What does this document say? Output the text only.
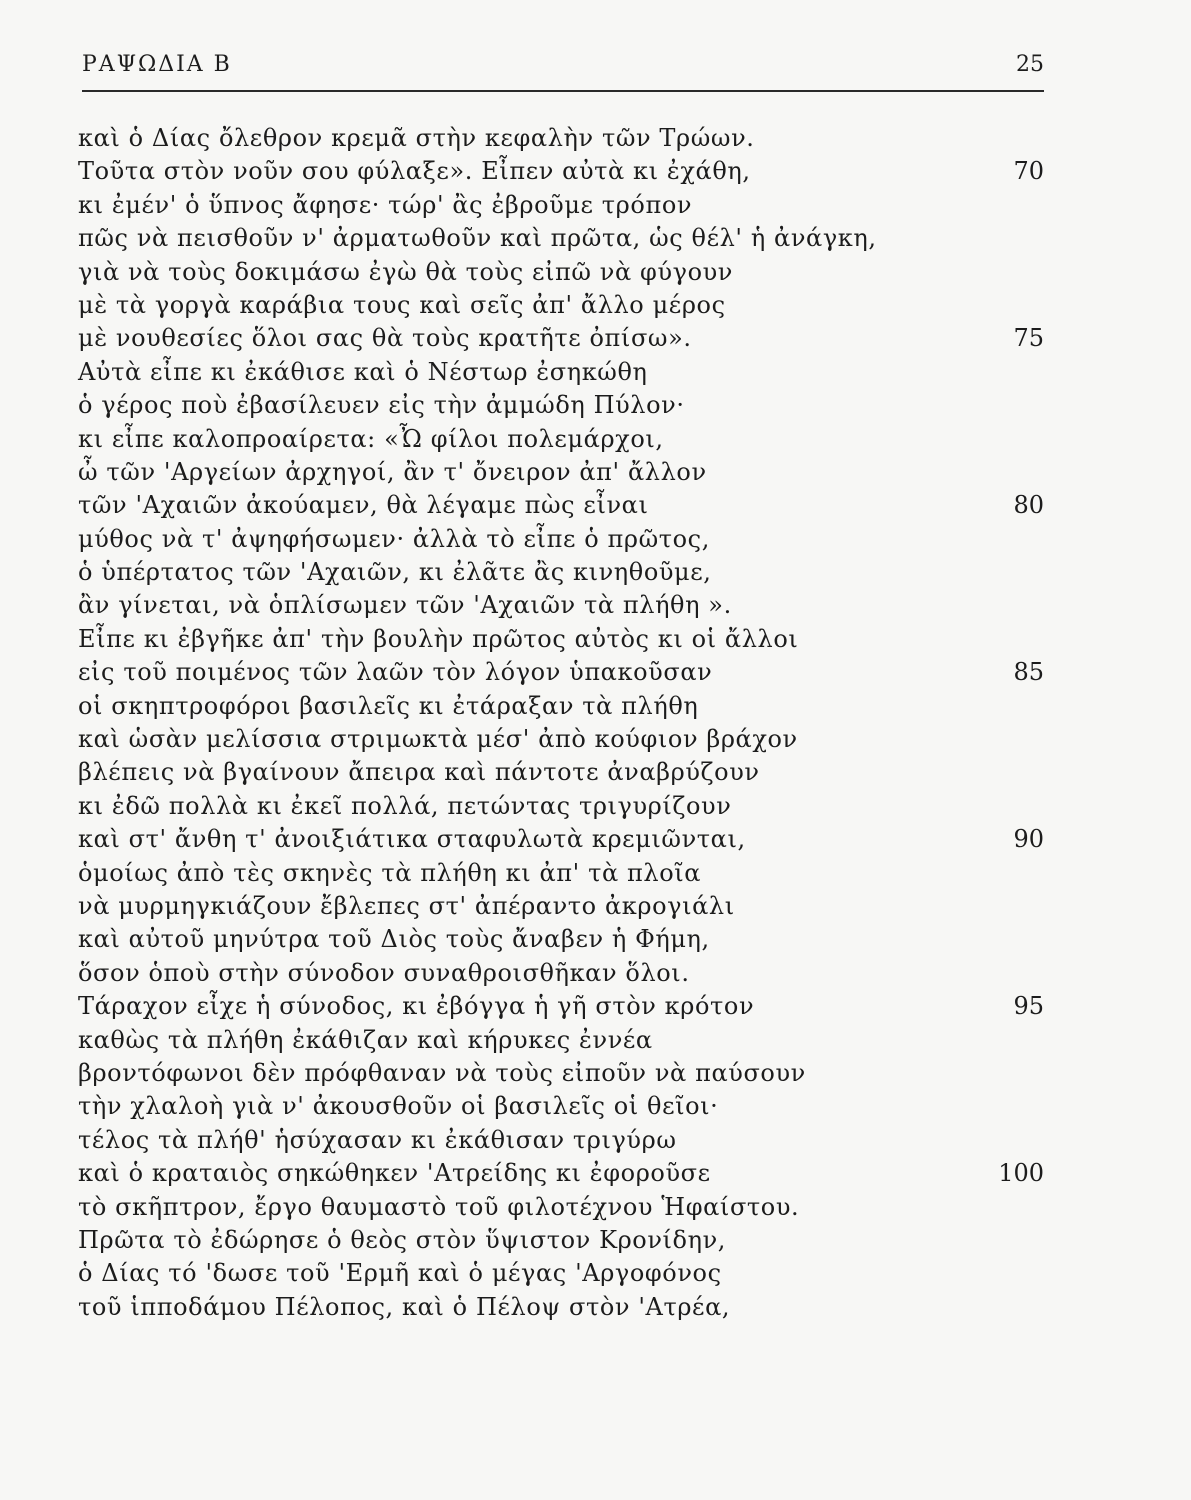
ΡΑΨΩΔΙΑ Β	25
καὶ ὁ Δίας ὄλεθρον κρεμᾶ στὴν κεφαλὴν τῶν Τρώων.
Τοῦτα στὸν νοῦν σου φύλαξε». Εἶπεν αὐτὰ κι ἐχάθη,	70
κι ἐμέν' ὁ ὕπνος ἄφησε· τώρ' ἂς ἐβροῦμε τρόπον
πῶς νὰ πεισθοῦν ν' ἀρματωθοῦν καὶ πρῶτα, ὡς θέλ' ἡ ἀνάγκη,
γιὰ νὰ τοὺς δοκιμάσω ἐγὼ θὰ τοὺς εἰπῶ νὰ φύγουν
μὲ τὰ γοργὰ καράβια τους καὶ σεῖς ἀπ' ἄλλο μέρος
μὲ νουθεσίες ὅλοι σας θὰ τοὺς κρατῆτε ὀπίσω».	75
Αὐτὰ εἶπε κι ἐκάθισε καὶ ὁ Νέστωρ ἐσηκώθη
ὁ γέρος ποὺ ἐβασίλευεν εἰς τὴν ἀμμώδη Πύλον·
κι εἶπε καλοπροαίρετα: «Ὦ φίλοι πολεμάρχοι,
ὦ τῶν 'Αργείων ἀρχηγοί, ἂν τ' ὄνειρον ἀπ' ἄλλον
τῶν 'Αχαιῶν ἀκούαμεν, θὰ λέγαμε πὼς εἶναι	80
μύθος νὰ τ' ἀψηφήσωμεν· ἀλλὰ τὸ εἶπε ὁ πρῶτος,
ὁ ὑπέρτατος τῶν 'Αχαιῶν, κι ἐλᾶτε ἂς κινηθοῦμε,
ἂν γίνεται, νὰ ὁπλίσωμεν τῶν 'Αχαιῶν τὰ πλήθη ».
Εἶπε κι ἐβγῆκε ἀπ' τὴν βουλὴν πρῶτος αὐτὸς κι οἱ ἄλλοι
εἰς τοῦ ποιμένος τῶν λαῶν τὸν λόγον ὑπακοῦσαν	85
οἱ σκηπτροφόροι βασιλεῖς κι ἐτάραξαν τὰ πλήθη
καὶ ὡσὰν μελίσσια στριμωκτὰ μέσ' ἀπὸ κούφιον βράχον
βλέπεις νὰ βγαίνουν ἄπειρα καὶ πάντοτε ἀναβρύζουν
κι ἐδῶ πολλὰ κι ἐκεῖ πολλά, πετώντας τριγυρίζουν
καὶ στ' ἄνθη τ' ἀνοιξιάτικα σταφυλωτὰ κρεμιῶνται,	90
ὁμοίως ἀπὸ τὲς σκηνὲς τὰ πλήθη κι ἀπ' τὰ πλοῖα
νὰ μυρμηγκιάζουν ἔβλεπες στ' ἀπέραντο ἀκρογιάλι
καὶ αὐτοῦ μηνύτρα τοῦ Διὸς τοὺς ἄναβεν ἡ Φήμη,
ὅσον ὁποὺ στὴν σύνοδον συναθροισθῆκαν ὅλοι.
Τάραχον εἶχε ἡ σύνοδος, κι ἐβόγγα ἡ γῆ στὸν κρότον	95
καθὼς τὰ πλήθη ἐκάθιζαν καὶ κήρυκες ἐννέα
βροντόφωνοι δὲν πρόφθαναν νὰ τοὺς εἰποῦν νὰ παύσουν
τὴν χλαλοὴ γιὰ ν' ἀκουσθοῦν οἱ βασιλεῖς οἱ θεῖοι·
τέλος τὰ πλήθ' ἡσύχασαν κι ἐκάθισαν τριγύρω
καὶ ὁ κραταιὸς σηκώθηκεν 'Ατρείδης κι ἐφοροῦσε	100
τὸ σκῆπτρον, ἔργο θαυμαστὸ τοῦ φιλοτέχνου Ἡφαίστου.
Πρῶτα τὸ ἐδώρησε ὁ θεὸς στὸν ὕψιστον Κρονίδην,
ὁ Δίας τό 'δωσε τοῦ 'Ερμῆ καὶ ὁ μέγας 'Αργοφόνος
τοῦ ἱπποδάμου Πέλοπος, καὶ ὁ Πέλοψ στὸν 'Ατρέα,
